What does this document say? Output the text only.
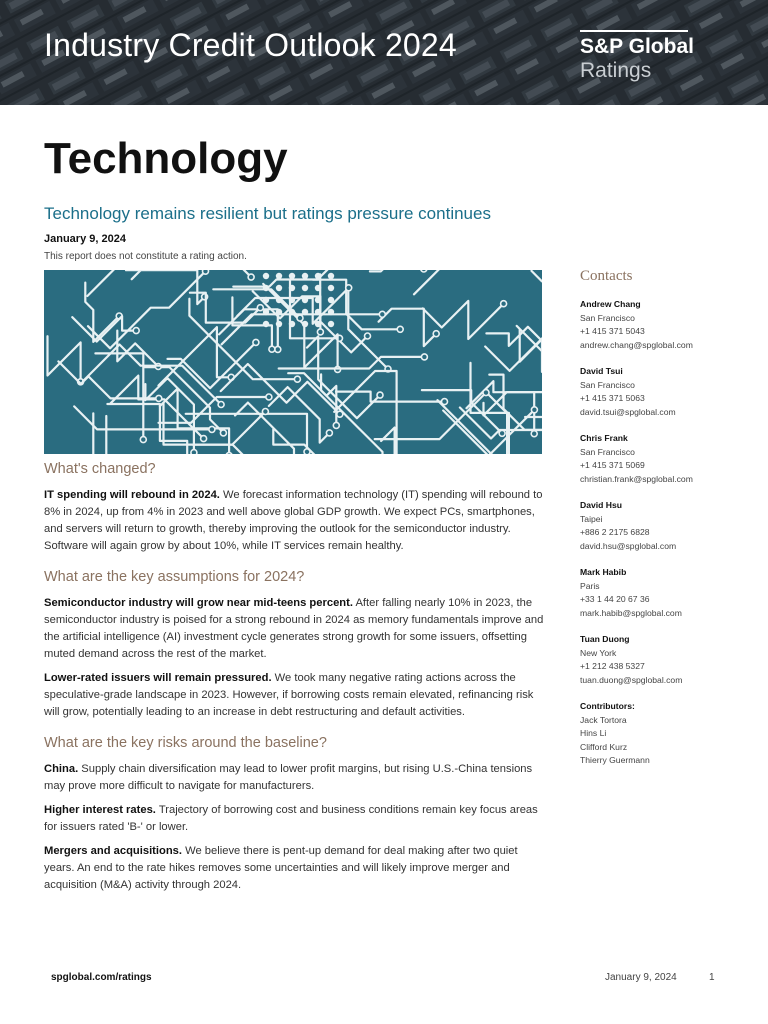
Industry Credit Outlook 2024	S&P Global
Ratings
Technology
Technology remains resilient but ratings pressure continues
January 9, 2024
This report does not constitute a rating action.
What's changed?

IT spending will rebound in 2024. We forecast information technology (IT) spending will rebound to 8% in 2024, up from 4% in 2023 and well above global GDP growth. We expect PCs, smartphones, and servers will return to growth, thereby improving the outlook for the semiconductor industry. Software will again grow by about 10%, while IT services remain healthy.

What are the key assumptions for 2024?

Semiconductor industry will grow near mid-teens percent. After falling nearly 10% in 2023, the semiconductor industry is poised for a strong rebound in 2024 as memory fundamentals improve and the artificial intelligence (AI) investment cycle generates strong growth for some issuers, offsetting muted demand across the rest of the market.

Lower-rated issuers will remain pressured. We took many negative rating actions across the speculative-grade landscape in 2023. However, if borrowing costs remain elevated, refinancing risk will grow, potentially leading to an increase in debt restructuring and default activities.

What are the key risks around the baseline?

China. Supply chain diversification may lead to lower profit margins, but rising U.S.-China tensions may prove more difficult to navigate for manufacturers.

Higher interest rates. Trajectory of borrowing cost and business conditions remain key focus areas for issuers rated 'B-' or lower.

Mergers and acquisitions. We believe there is pent-up demand for deal making after two quiet years. An end to the rate hikes removes some uncertainties and will likely improve merger and acquisition (M&A) activity through 2024.

Contacts
Andrew Chang
San Francisco
+1 415 371 5043
andrew.chang@spglobal.com
David Tsui
San Francisco
+1 415 371 5063
david.tsui@spglobal.com
Chris Frank
San Francisco
+1 415 371 5069
christian.frank@spglobal.com
David Hsu
Taipei
+886 2 2175 6828
david.hsu@spglobal.com
Mark Habib
Paris
+33 1 44 20 67 36
mark.habib@spglobal.com
Tuan Duong
New York
+1 212 438 5327
tuan.duong@spglobal.com
Contributors:
Jack Tortora
Hins Li
Clifford Kurz
Thierry Guermann
spglobal.com/ratings	January 9, 2024	1
